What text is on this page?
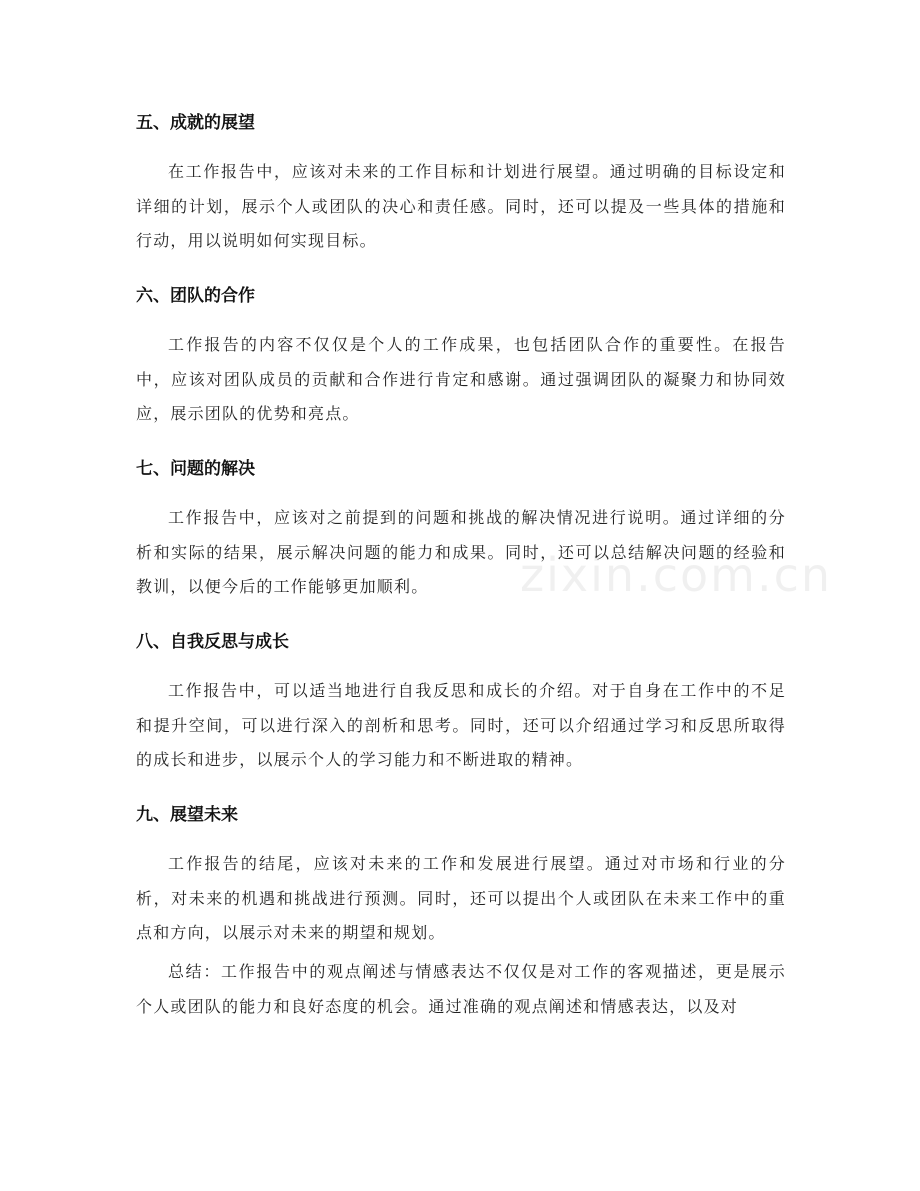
五、成就的展望

在工作报告中，应该对未来的工作目标和计划进行展望。通过明确的目标设定和详细的计划，展示个人或团队的决心和责任感。同时，还可以提及一些具体的措施和行动，用以说明如何实现目标。

六、团队的合作

工作报告的内容不仅仅是个人的工作成果，也包括团队合作的重要性。在报告中，应该对团队成员的贡献和合作进行肯定和感谢。通过强调团队的凝聚力和协同效应，展示团队的优势和亮点。

七、问题的解决

工作报告中，应该对之前提到的问题和挑战的解决情况进行说明。通过详细的分析和实际的结果，展示解决问题的能力和成果。同时，还可以总结解决问题的经验和教训，以便今后的工作能够更加顺利。

八、自我反思与成长

工作报告中，可以适当地进行自我反思和成长的介绍。对于自身在工作中的不足和提升空间，可以进行深入的剖析和思考。同时，还可以介绍通过学习和反思所取得的成长和进步，以展示个人的学习能力和不断进取的精神。

九、展望未来

工作报告的结尾，应该对未来的工作和发展进行展望。通过对市场和行业的分析，对未来的机遇和挑战进行预测。同时，还可以提出个人或团队在未来工作中的重点和方向，以展示对未来的期望和规划。

总结：工作报告中的观点阐述与情感表达不仅仅是对工作的客观描述，更是展示个人或团队的能力和良好态度的机会。通过准确的观点阐述和情感表达，以及对

zixin.com.cn
